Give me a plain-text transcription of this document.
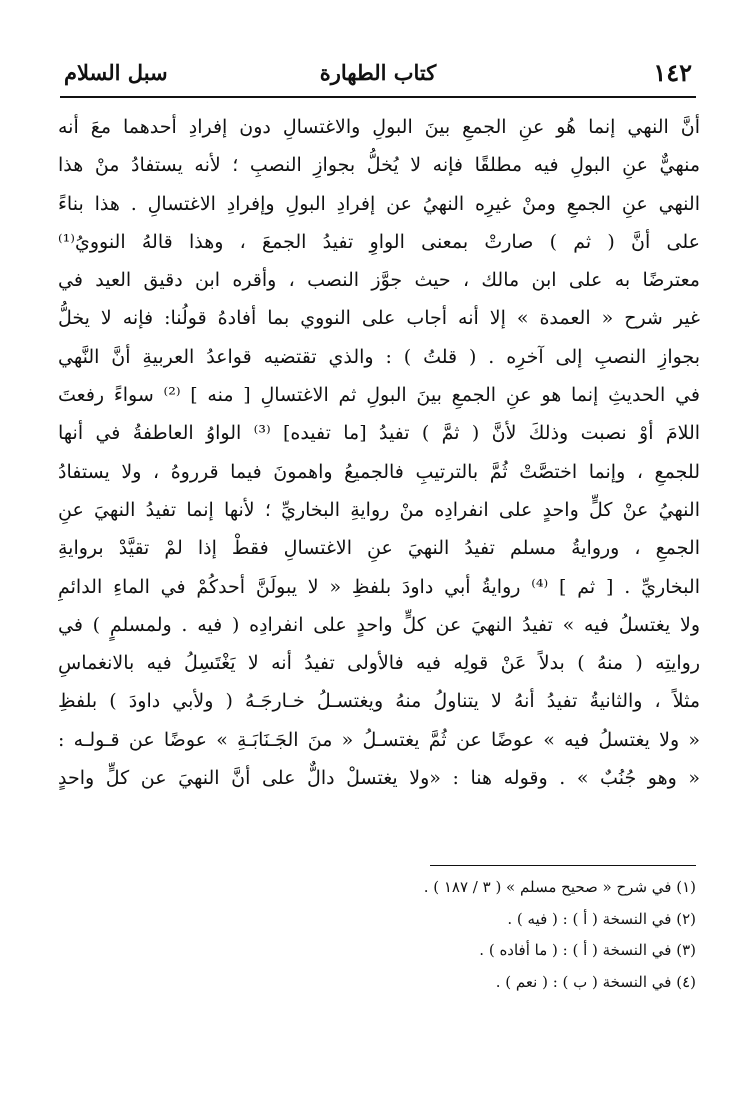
١٤٢
كتاب الطهارة
سبل السلام
أنَّ النهي إنما هُو عنِ الجمعِ بينَ البولِ والاغتسالِ دون إفرادِ أحدهما معَ أنه
منهيٌّ عنِ البولِ فيه مطلقًا فإنه لا يُخلُّ بجوازِ النصبِ ؛ لأنه يستفادُ منْ هذا
النهي عنِ الجمعِ ومنْ غيرِه النهيُ عن إفرادِ البولِ وإفرادِ الاغتسالِ . هذا بناءً
على أنَّ ( ثم ) صارتْ بمعنى الواوِ تفيدُ الجمعَ ، وهذا قالهُ النوويُ⁽¹⁾
معترضًا به على ابن مالك ، حيث جوَّز النصب ، وأقره ابن دقيق العيد في
غير شرح « العمدة » إلا أنه أجاب على النووي بما أفادهُ قولُنا: فإنه لا يخلُّ
بجوازِ النصبِ إلى آخرِه . ( قلتُ ) : والذي تقتضيه قواعدُ العربيةِ أنَّ النَّهي
في الحديثِ إنما هو عنِ الجمعِ بينَ البولِ ثم الاغتسالِ [ منه ] ⁽²⁾ سواءً رفعتَ
اللامَ أوْ نصبت وذلكَ لأنَّ ( ثمَّ ) تفيدُ [ما تفيده] ⁽³⁾ الواوُ العاطفةُ في أنها
للجمعِ ، وإنما اختصَّتْ ثُمَّ بالترتيبِ فالجميعُ واهمونَ فيما قرروهُ ، ولا يستفادُ
النهيُ عنْ كلٍّ واحدٍ على انفرادِه منْ روايةِ البخاريِّ ؛ لأنها إنما تفيدُ النهيَ عنِ
الجمعِ ، وروايةُ مسلم تفيدُ النهيَ عنِ الاغتسالِ فقطْ إذا لمْ تقيَّدْ بروايةِ
البخاريِّ . [ ثم ] ⁽⁴⁾ روايةُ أبي داودَ بلفظِ « لا يبولَنَّ أحدكُمْ في الماءِ الدائمِ
ولا يغتسلُ فيه » تفيدُ النهيَ عن كلٍّ واحدٍ على انفرادِه ( فيه . ولمسلمٍ ) في
روايتِه ( منهُ ) بدلاً عَنْ قولِه فيه فالأولى تفيدُ أنه لا يَغْتَسِلُ فيه بالانغماسِ
مثلاً ، والثانيةُ تفيدُ أنهُ لا يتناولُ منهُ ويغتسـلُ خـارجَـهُ ( ولأبي داودَ ) بلفظِ
« ولا يغتسلُ فيه » عوضًا عن ثُمَّ يغتسـلُ « منَ الجَـنَابَـةِ » عوضًا عن قـولـه :
« وهو جُنُبٌ » . وقوله هنا : «ولا يغتسلْ دالٌّ على أنَّ النهيَ عن كلٍّ واحدٍ
(١) في شرح « صحيح مسلم » ( ٣ / ١٨٧ ) .
(٢) في النسخة ( أ ) : ( فيه ) .
(٣) في النسخة ( أ ) : ( ما أفاده ) .
(٤) في النسخة ( ب ) : ( نعم ) .
